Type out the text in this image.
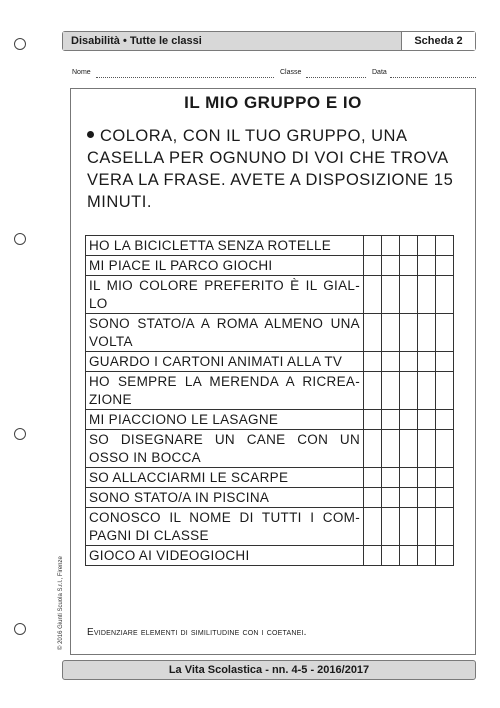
Disabilità • Tutte le classi	Scheda 2
Nome	Classe	Data
IL MIO GRUPPO E IO
COLORA, CON IL TUO GRUPPO, UNA CASELLA PER OGNUNO DI VOI CHE TROVA VERA LA FRASE. AVETE A DISPOSIZIONE 15 MINUTI.
HO LA BICICLETTA SENZA ROTELLE					
MI PIACE IL PARCO GIOCHI					
IL MIO COLORE PREFERITO È IL GIAL-LO					
SONO STATO/A A ROMA ALMENO UNA VOLTA					
GUARDO I CARTONI ANIMATI ALLA TV					
HO SEMPRE LA MERENDA A RICREA-ZIONE					
MI PIACCIONO LE LASAGNE					
SO DISEGNARE UN CANE CON UN OSSO IN BOCCA					
SO ALLACCIARMI LE SCARPE					
SONO STATO/A IN PISCINA					
CONOSCO IL NOME DI TUTTI I COM-PAGNI DI CLASSE					
GIOCO AI VIDEOGIOCHI					
Evidenziare elementi di similitudine con i coetanei.
© 2016 Giunti Scuola S.r.l., Firenze
La Vita Scolastica - nn. 4-5 - 2016/2017
